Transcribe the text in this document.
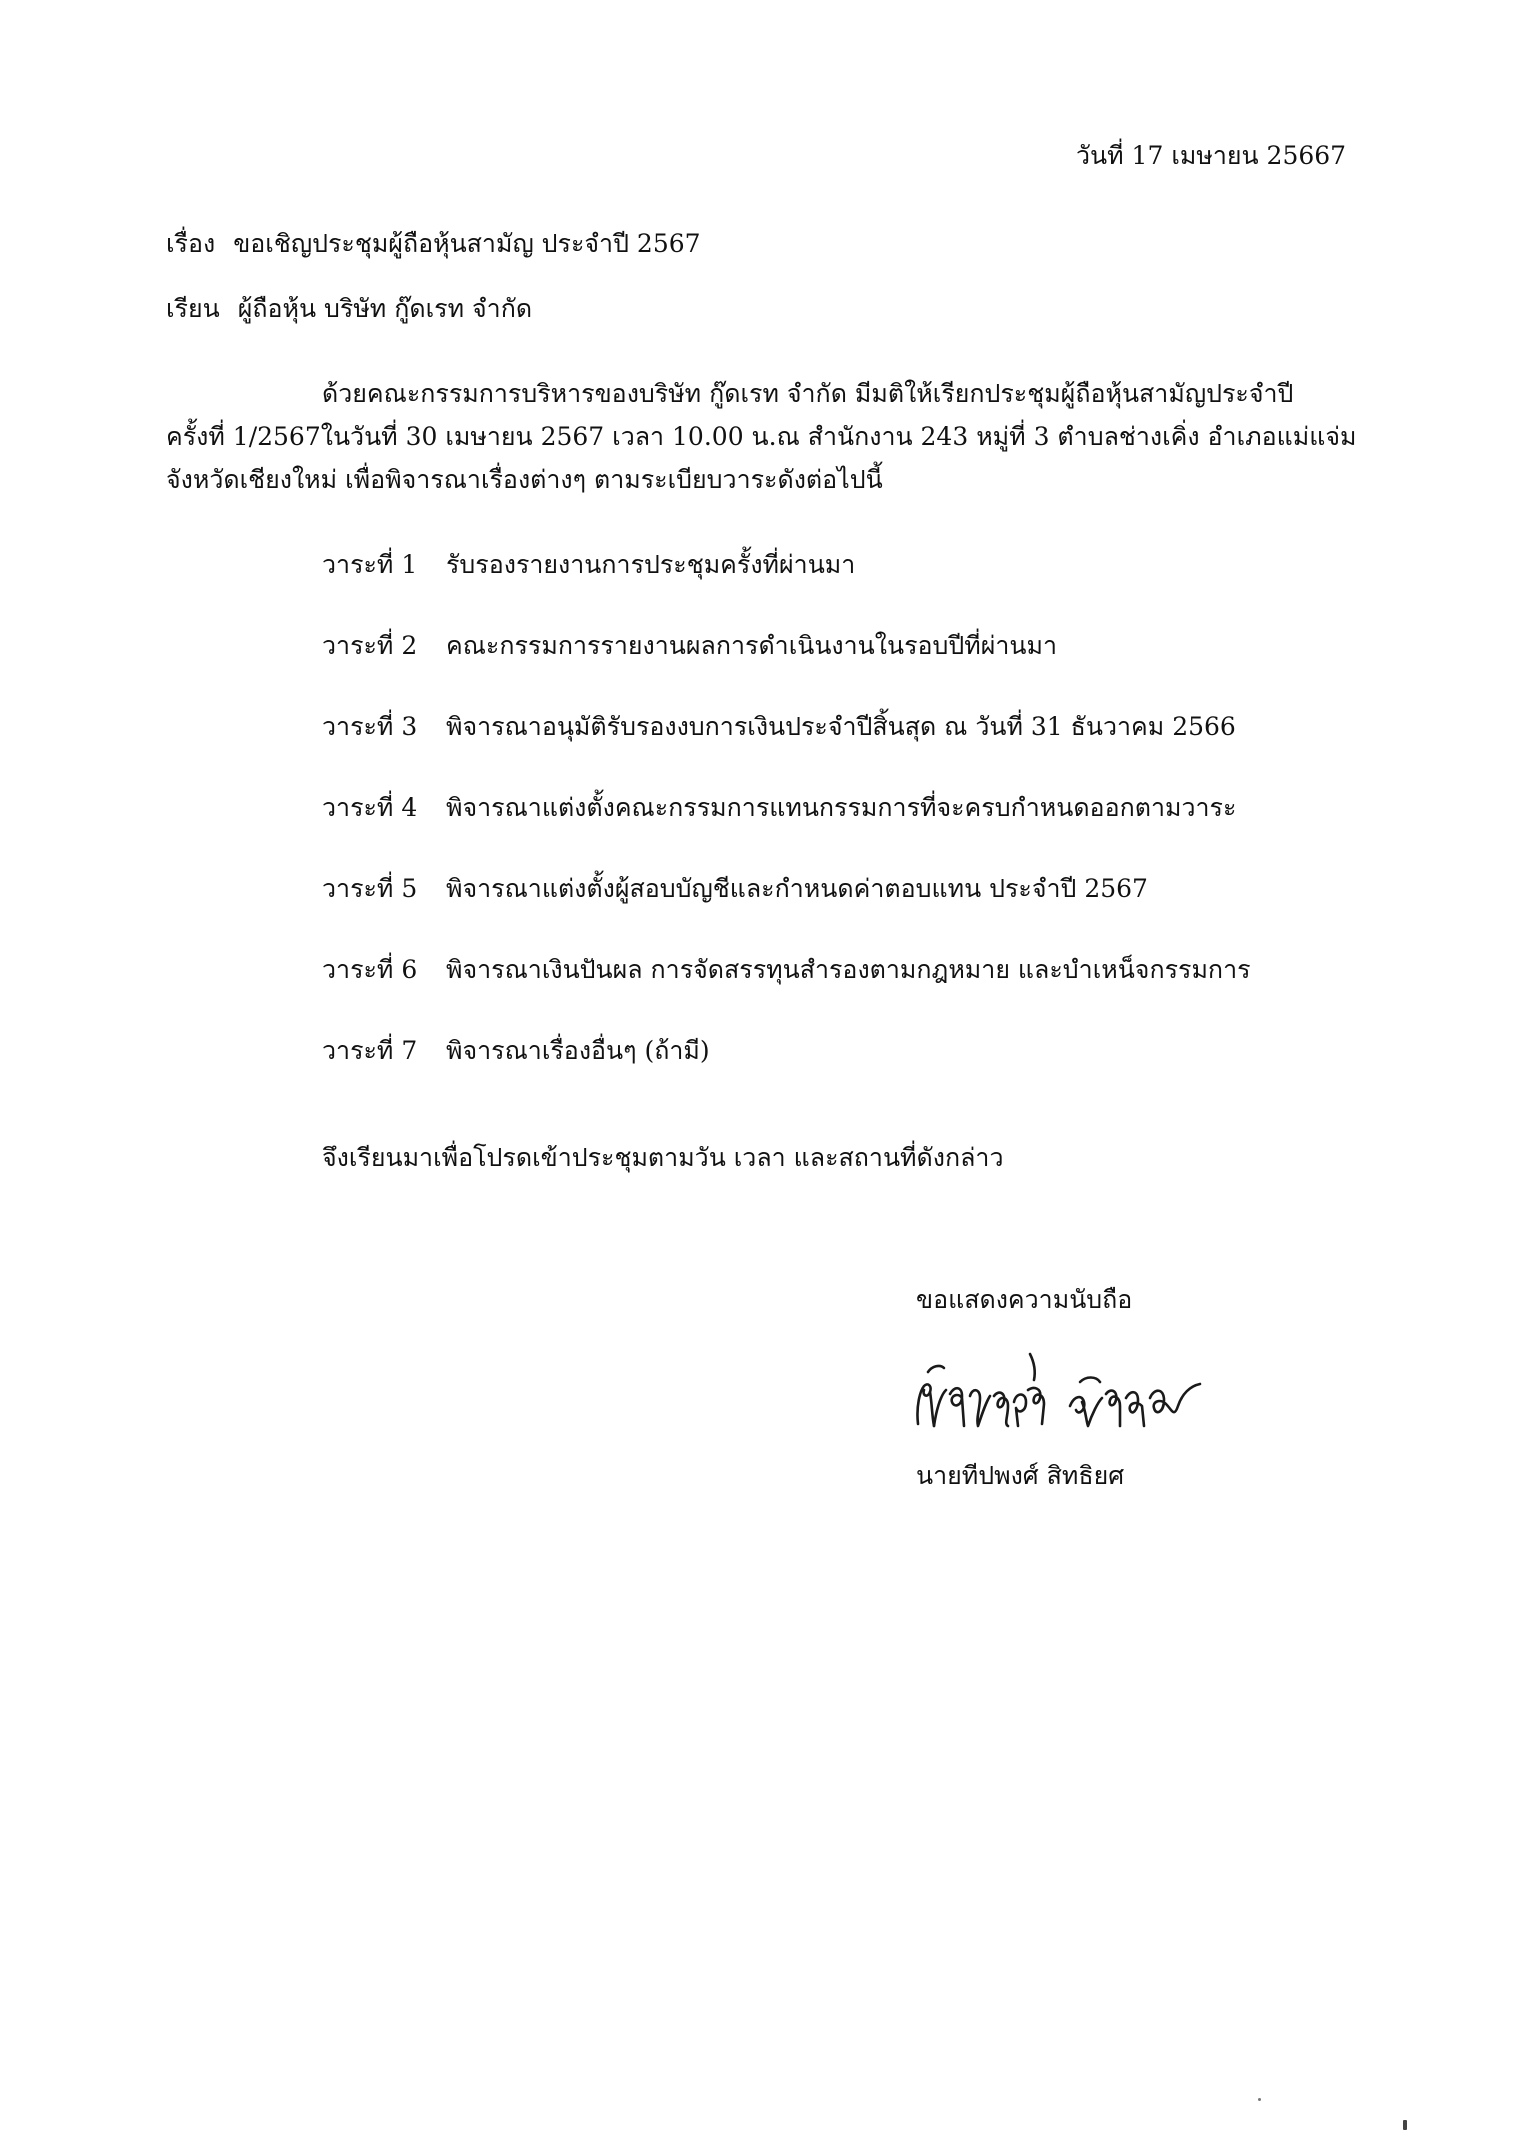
วันที่ 17 เมษายน 25667
เรื่อง ขอเชิญประชุมผู้ถือหุ้นสามัญ ประจำปี 2567
เรียน ผู้ถือหุ้น บริษัท กู๊ดเรท จำกัด
ด้วยคณะกรรมการบริหารของบริษัท กู๊ดเรท จำกัด มีมติให้เรียกประชุมผู้ถือหุ้นสามัญประจำปี
ครั้งที่ 1/2567ในวันที่ 30 เมษายน 2567 เวลา 10.00 น.ณ สำนักงาน 243 หมู่ที่ 3 ตำบลช่างเคิ่ง อำเภอแม่แจ่ม
จังหวัดเชียงใหม่ เพื่อพิจารณาเรื่องต่างๆ ตามระเบียบวาระดังต่อไปนี้
วาระที่ 1	รับรองรายงานการประชุมครั้งที่ผ่านมา
วาระที่ 2	คณะกรรมการรายงานผลการดำเนินงานในรอบปีที่ผ่านมา
วาระที่ 3	พิจารณาอนุมัติรับรองงบการเงินประจำปีสิ้นสุด ณ วันที่ 31 ธันวาคม 2566
วาระที่ 4	พิจารณาแต่งตั้งคณะกรรมการแทนกรรมการที่จะครบกำหนดออกตามวาระ
วาระที่ 5	พิจารณาแต่งตั้งผู้สอบบัญชีและกำหนดค่าตอบแทน ประจำปี 2567
วาระที่ 6	พิจารณาเงินปันผล การจัดสรรทุนสำรองตามกฎหมาย และบำเหน็จกรรมการ
วาระที่ 7	พิจารณาเรื่องอื่นๆ (ถ้ามี)
จึงเรียนมาเพื่อโปรดเข้าประชุมตามวัน เวลา และสถานที่ดังกล่าว
ขอแสดงความนับถือ
นายทีปพงศ์ สิทธิยศ
